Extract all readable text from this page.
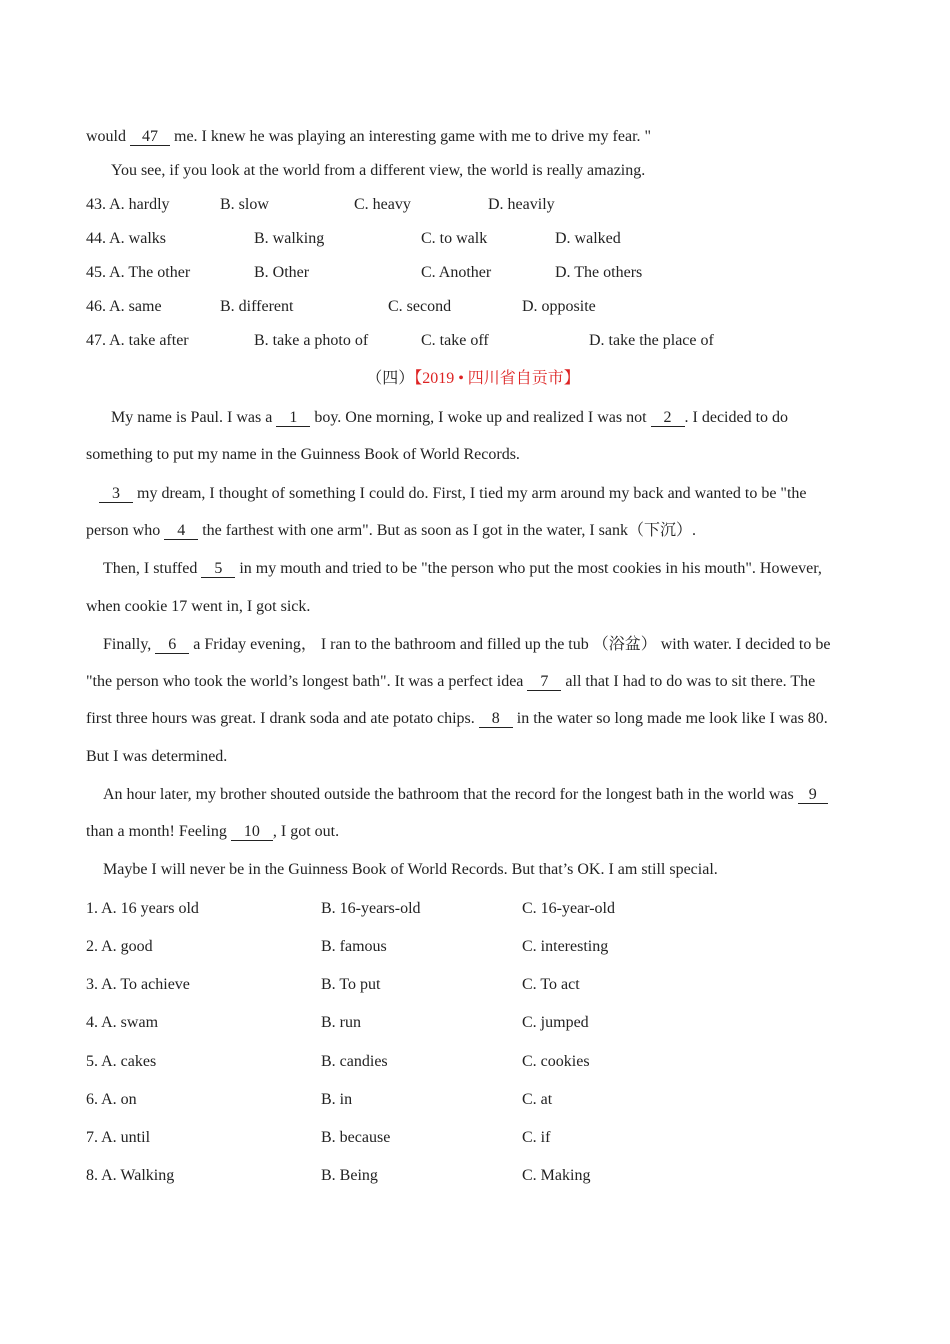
would 47 me. I knew he was playing an interesting game with me to drive my fear. "
You see, if you look at the world from a different view, the world is really amazing.
43. A. hardly	B. slow	C. heavy	D. heavily
44. A. walks	B. walking	C. to walk	D. walked
45. A. The other	B. Other	C. Another	D. The others
46. A. same	B. different	C. second	D. opposite
47. A. take after	B. take a photo of	C. take off	D. take the place of
（四）【2019 • 四川省自贡市】
My name is Paul. I was a 1 boy. One morning, I woke up and realized I was not 2 . I decided to do
something to put my name in the Guinness Book of World Records.
3 my dream, I thought of something I could do. First, I tied my arm around my back and wanted to be "the
person who 4 the farthest with one arm". But as soon as I got in the water, I sank（下沉）.
Then, I stuffed 5 in my mouth and tried to be "the person who put the most cookies in his mouth". However,
when cookie 17 went in, I got sick.
Finally, 6 a Friday evening， I ran to the bathroom and filled up the tub （浴盆） with water. I decided to be
"the person who took the world’s longest bath". It was a perfect idea 7 all that I had to do was to sit there. The
first three hours was great. I drank soda and ate potato chips. 8 in the water so long made me look like I was 80.
But I was determined.
An hour later, my brother shouted outside the bathroom that the record for the longest bath in the world was 9
than a month! Feeling 10 , I got out.
Maybe I will never be in the Guinness Book of World Records. But that’s OK. I am still special.
1. A. 16 years old	B. 16-years-old	C. 16-year-old
2. A. good	B. famous	C. interesting
3. A. To achieve	B. To put	C. To act
4. A. swam	B. run	C. jumped
5. A. cakes	B. candies	C. cookies
6. A. on	B. in	C. at
7. A. until	B. because	C. if
8. A. Walking	B. Being	C. Making
